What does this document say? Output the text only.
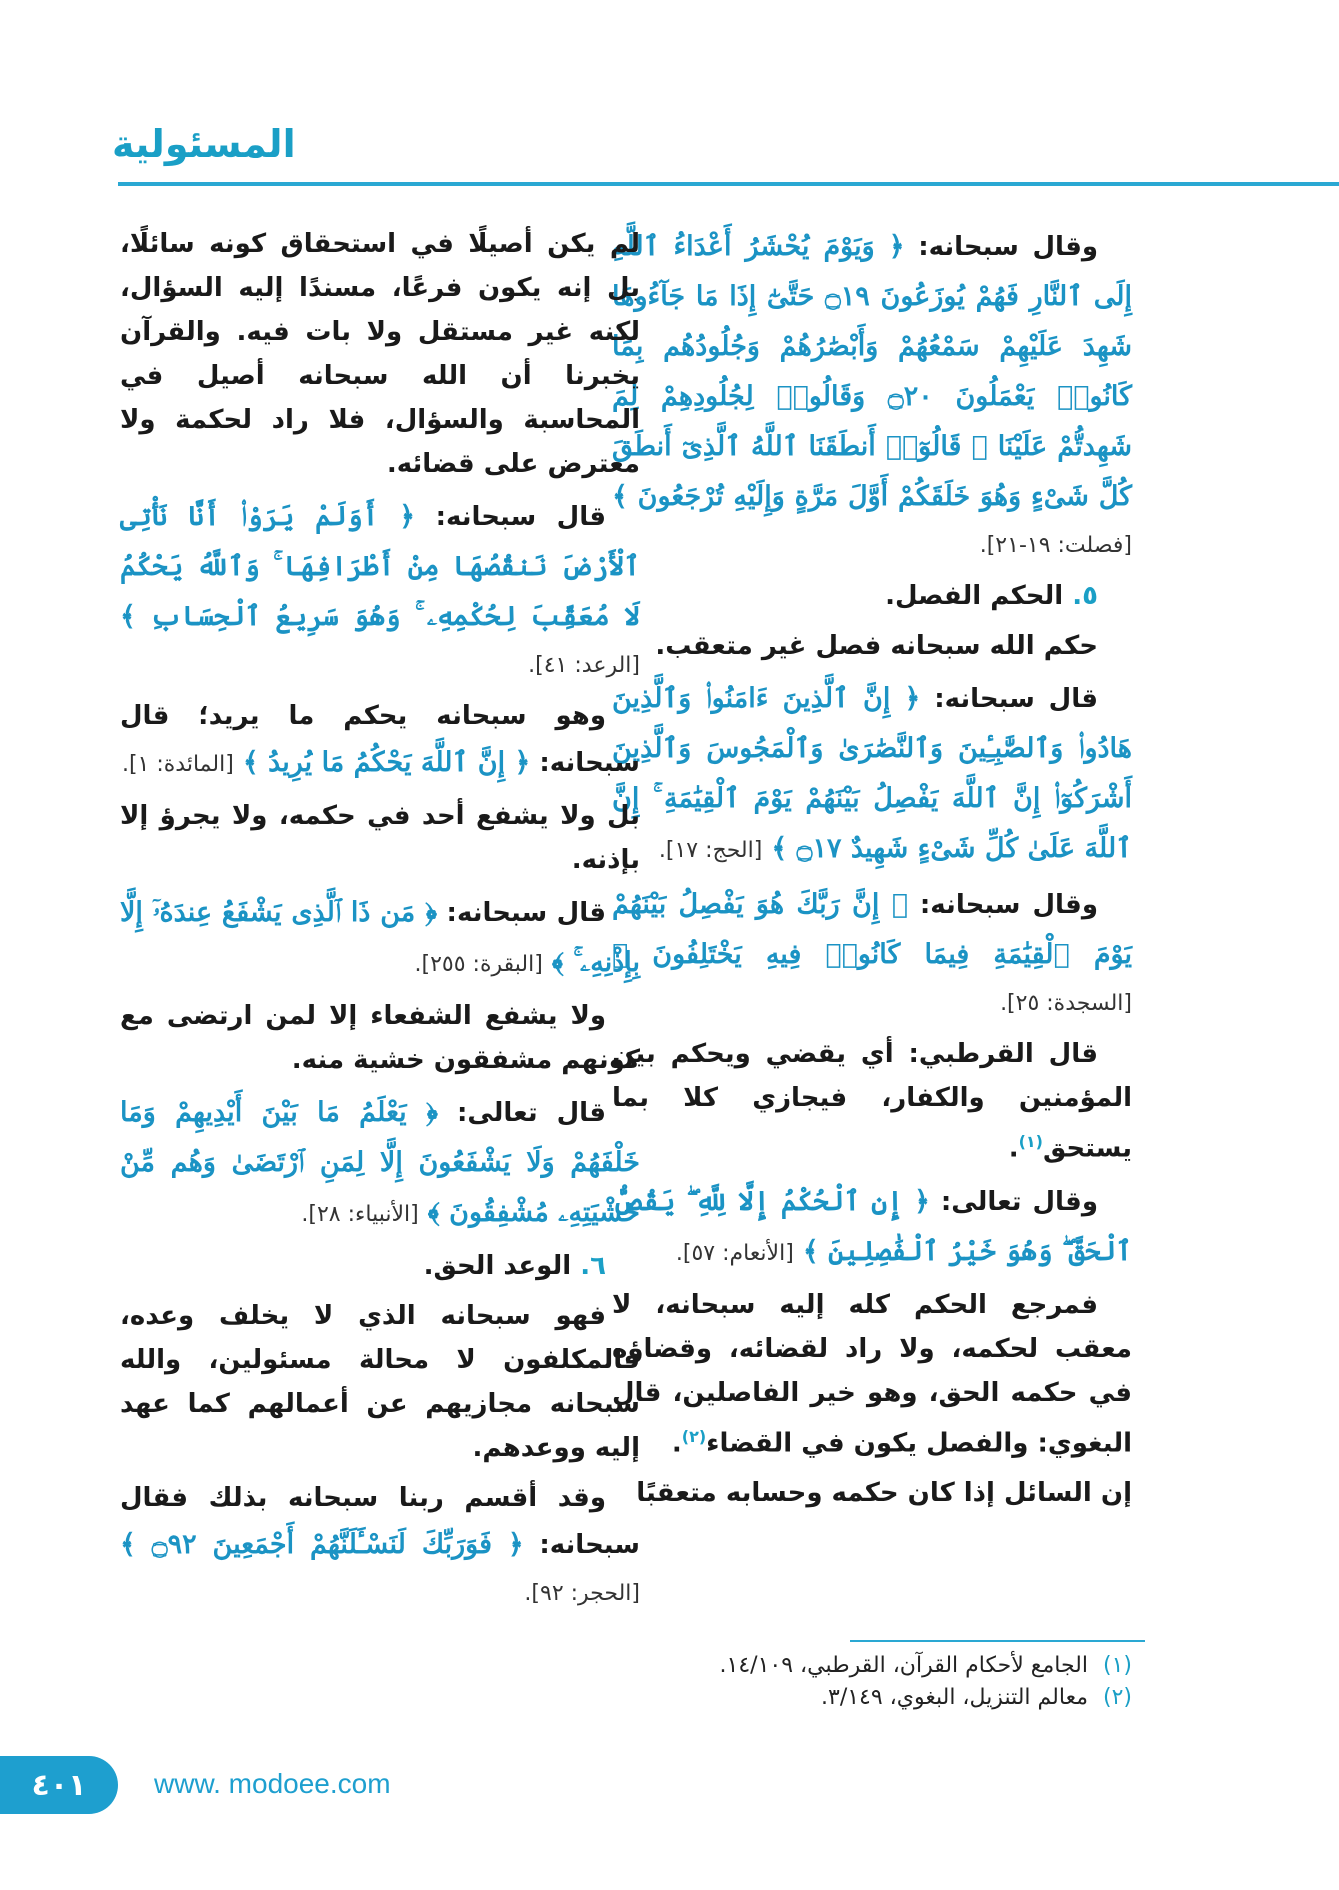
المسئولية

وقال سبحانه: ﴿ وَيَوْمَ يُحْشَرُ أَعْدَاءُ ٱللَّهِ إِلَى ٱلنَّارِ فَهُمْ يُوزَعُونَ ۝١٩ حَتَّىٰٓ إِذَا مَا جَآءُوهَا شَهِدَ عَلَيْهِمْ سَمْعُهُمْ وَأَبْصَٰرُهُمْ وَجُلُودُهُم بِمَا كَانُوا۟ يَعْمَلُونَ ۝٢٠ وَقَالُوا۟ لِجُلُودِهِمْ لِمَ شَهِدتُّمْ عَلَيْنَا ۖ قَالُوٓا۟ أَنطَقَنَا ٱللَّهُ ٱلَّذِىٓ أَنطَقَ كُلَّ شَىْءٍ وَهُوَ خَلَقَكُمْ أَوَّلَ مَرَّةٍ وَإِلَيْهِ تُرْجَعُونَ ﴾ [فصلت: ١٩-٢١].

٥. الحكم الفصل.

حكم الله سبحانه فصل غير متعقب.

قال سبحانه: ﴿ إِنَّ ٱلَّذِينَ ءَامَنُوا۟ وَٱلَّذِينَ هَادُوا۟ وَٱلصَّٰبِـِٔينَ وَٱلنَّصَٰرَىٰ وَٱلْمَجُوسَ وَٱلَّذِينَ أَشْرَكُوٓا۟ إِنَّ ٱللَّهَ يَفْصِلُ بَيْنَهُمْ يَوْمَ ٱلْقِيَٰمَةِ ۚ إِنَّ ٱللَّهَ عَلَىٰ كُلِّ شَىْءٍ شَهِيدٌ ۝١٧ ﴾ [الحج: ١٧].

وقال سبحانه: ﴿ إِنَّ رَبَّكَ هُوَ يَفْصِلُ بَيْنَهُمْ يَوْمَ ٱلْقِيَٰمَةِ فِيمَا كَانُوا۟ فِيهِ يَخْتَلِفُونَ ﴾ [السجدة: ٢٥].

قال القرطبي: أي يقضي ويحكم بين المؤمنين والكفار، فيجازي كلا بما يستحق$^{(١)}$.

وقال تعالى: ﴿ إِنِ ٱلْحُكْمُ إِلَّا لِلَّهِ ۖ يَقُصُّ ٱلْحَقَّ ۖ وَهُوَ خَيْرُ ٱلْفَٰصِلِينَ ﴾ [الأنعام: ٥٧].

فمرجع الحكم كله إليه سبحانه، لا معقب لحكمه، ولا راد لقضائه، وقضاؤه في حكمه الحق، وهو خير الفاصلين، قال البغوي: والفصل يكون في القضاء$^{(٢)}$.

إن السائل إذا كان حكمه وحسابه متعقبًا

لم يكن أصيلًا في استحقاق كونه سائلًا، بل إنه يكون فرعًا، مسندًا إليه السؤال، لكنه غير مستقل ولا بات فيه. والقرآن يخبرنا أن الله سبحانه أصيل في المحاسبة والسؤال، فلا راد لحكمة ولا معترض على قضائه.

قال سبحانه: ﴿ أَوَلَمْ يَرَوْا۟ أَنَّا نَأْتِى ٱلْأَرْضَ نَنقُصُهَا مِنْ أَطْرَافِهَا ۚ وَٱللَّهُ يَحْكُمُ لَا مُعَقِّبَ لِحُكْمِهِۦ ۚ وَهُوَ سَرِيعُ ٱلْحِسَابِ ﴾ [الرعد: ٤١].

وهو سبحانه يحكم ما يريد؛ قال سبحانه: ﴿ إِنَّ ٱللَّهَ يَحْكُمُ مَا يُرِيدُ ﴾ [المائدة: ١].

بل ولا يشفع أحد في حكمه، ولا يجرؤ إلا بإذنه.

قال سبحانه: ﴿ مَن ذَا ٱلَّذِى يَشْفَعُ عِندَهُۥٓ إِلَّا بِإِذْنِهِۦ ۚ ﴾ [البقرة: ٢٥٥].

ولا يشفع الشفعاء إلا لمن ارتضى مع كونهم مشفقون خشية منه.

قال تعالى: ﴿ يَعْلَمُ مَا بَيْنَ أَيْدِيهِمْ وَمَا خَلْفَهُمْ وَلَا يَشْفَعُونَ إِلَّا لِمَنِ ٱرْتَضَىٰ وَهُم مِّنْ خَشْيَتِهِۦ مُشْفِقُونَ ﴾ [الأنبياء: ٢٨].

٦. الوعد الحق.

فهو سبحانه الذي لا يخلف وعده، فالمكلفون لا محالة مسئولين، والله سبحانه مجازيهم عن أعمالهم كما عهد إليه ووعدهم.

وقد أقسم ربنا سبحانه بذلك فقال سبحانه: ﴿ فَوَرَبِّكَ لَنَسْـَٔلَنَّهُمْ أَجْمَعِينَ ۝٩٢ ﴾ [الحجر: ٩٢].

(١) الجامع لأحكام القرآن، القرطبي، ١٤/١٠٩.
(٢) معالم التنزيل، البغوي، ٣/١٤٩.
٤٠١	www. modoee.com
